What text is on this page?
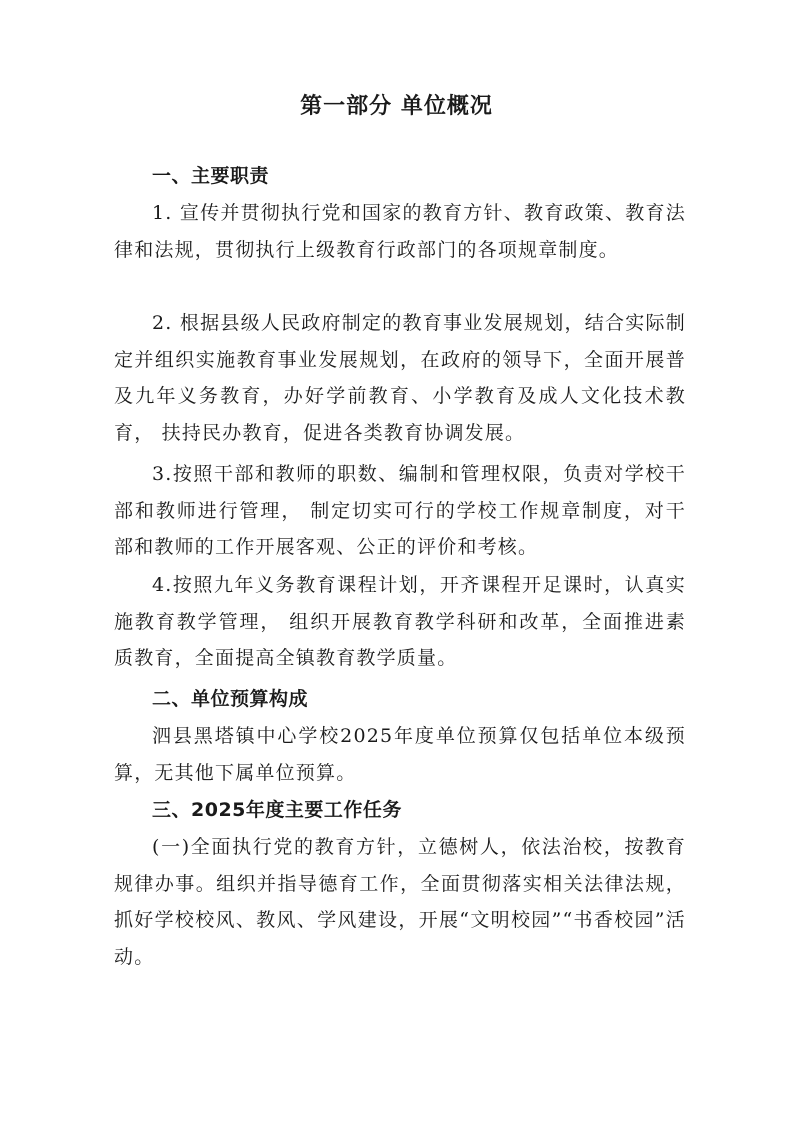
第一部分 单位概况
一、主要职责
1. 宣传并贯彻执行党和国家的教育方针、教育政策、教育法律和法规，贯彻执行上级教育行政部门的各项规章制度。
2. 根据县级人民政府制定的教育事业发展规划，结合实际制定并组织实施教育事业发展规划，在政府的领导下，全面开展普及九年义务教育，办好学前教育、小学教育及成人文化技术教育， 扶持民办教育，促进各类教育协调发展。
3.按照干部和教师的职数、编制和管理权限，负责对学校干部和教师进行管理， 制定切实可行的学校工作规章制度，对干部和教师的工作开展客观、公正的评价和考核。
4.按照九年义务教育课程计划，开齐课程开足课时，认真实施教育教学管理， 组织开展教育教学科研和改革，全面推进素质教育，全面提高全镇教育教学质量。
二、单位预算构成
泗县黑塔镇中心学校2025年度单位预算仅包括单位本级预算，无其他下属单位预算。
三、2025年度主要工作任务
(一)全面执行党的教育方针，立德树人，依法治校，按教育规律办事。组织并指导德育工作，全面贯彻落实相关法律法规，抓好学校校风、教风、学风建设，开展“文明校园”“书香校园”活动。
